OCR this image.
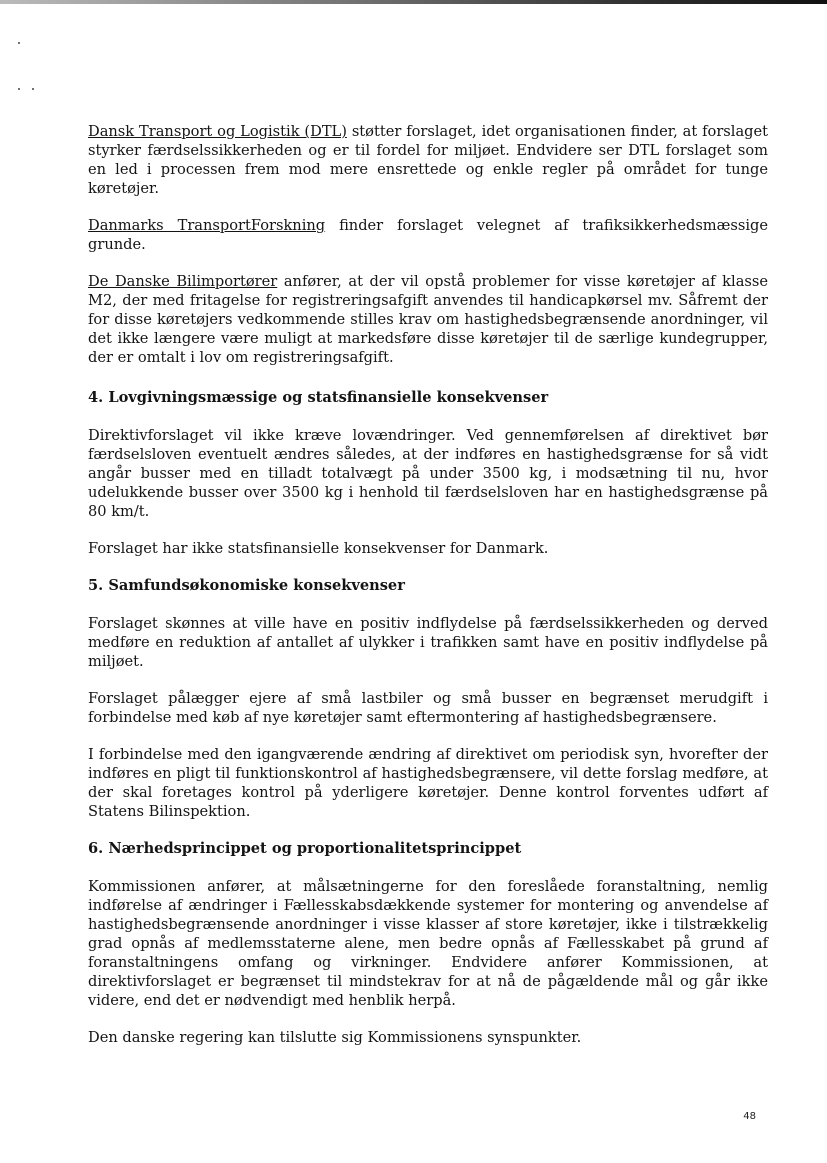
Dansk Transport og Logistik (DTL) støtter forslaget, idet organisationen finder, at forslaget styrker færdselssikkerheden og er til fordel for miljøet. Endvidere ser DTL forslaget som en led i processen frem mod mere ensrettede og enkle regler på området for tunge køretøjer.

Danmarks TransportForskning finder forslaget velegnet af trafiksikkerhedsmæssige grunde.

De Danske Bilimportører anfører, at der vil opstå problemer for visse køretøjer af klasse M2, der med fritagelse for registreringsafgift anvendes til handicapkørsel mv. Såfremt der for disse køretøjers vedkommende stilles krav om hastighedsbegrænsende anordninger, vil det ikke længere være muligt at markedsføre disse køretøjer til de særlige kundegrupper, der er omtalt i lov om registreringsafgift.

4. Lovgivningsmæssige og statsfinansielle konsekvenser

Direktivforslaget vil ikke kræve lovændringer. Ved gennemførelsen af direktivet bør færdselsloven eventuelt ændres således, at der indføres en hastighedsgrænse for så vidt angår busser med en tilladt totalvægt på under 3500 kg, i modsætning til nu, hvor udelukkende busser over 3500 kg i henhold til færdselsloven har en hastighedsgrænse på 80 km/t.

Forslaget har ikke statsfinansielle konsekvenser for Danmark.

5. Samfundsøkonomiske konsekvenser

Forslaget skønnes at ville have en positiv indflydelse på færdselssikkerheden og derved medføre en reduktion af antallet af ulykker i trafikken samt have en positiv indflydelse på miljøet.

Forslaget pålægger ejere af små lastbiler og små busser en begrænset merudgift i forbindelse med køb af nye køretøjer samt eftermontering af hastighedsbegrænsere.

I forbindelse med den igangværende ændring af direktivet om periodisk syn, hvorefter der indføres en pligt til funktionskontrol af hastighedsbegrænsere, vil dette forslag medføre, at der skal foretages kontrol på yderligere køretøjer. Denne kontrol forventes udført af Statens Bilinspektion.

6. Nærhedsprincippet og proportionalitetsprincippet

Kommissionen anfører, at målsætningerne for den foreslåede foranstaltning, nemlig indførelse af ændringer i Fællesskabsdækkende systemer for montering og anvendelse af hastighedsbegrænsende anordninger i visse klasser af store køretøjer, ikke i tilstrækkelig grad opnås af medlemsstaterne alene, men bedre opnås af Fællesskabet på grund af foranstaltningens omfang og virkninger. Endvidere anfører Kommissionen, at direktivforslaget er begrænset til mindstekrav for at nå de pågældende mål og går ikke videre, end det er nødvendigt med henblik herpå.

Den danske regering kan tilslutte sig Kommissionens synspunkter.

48
